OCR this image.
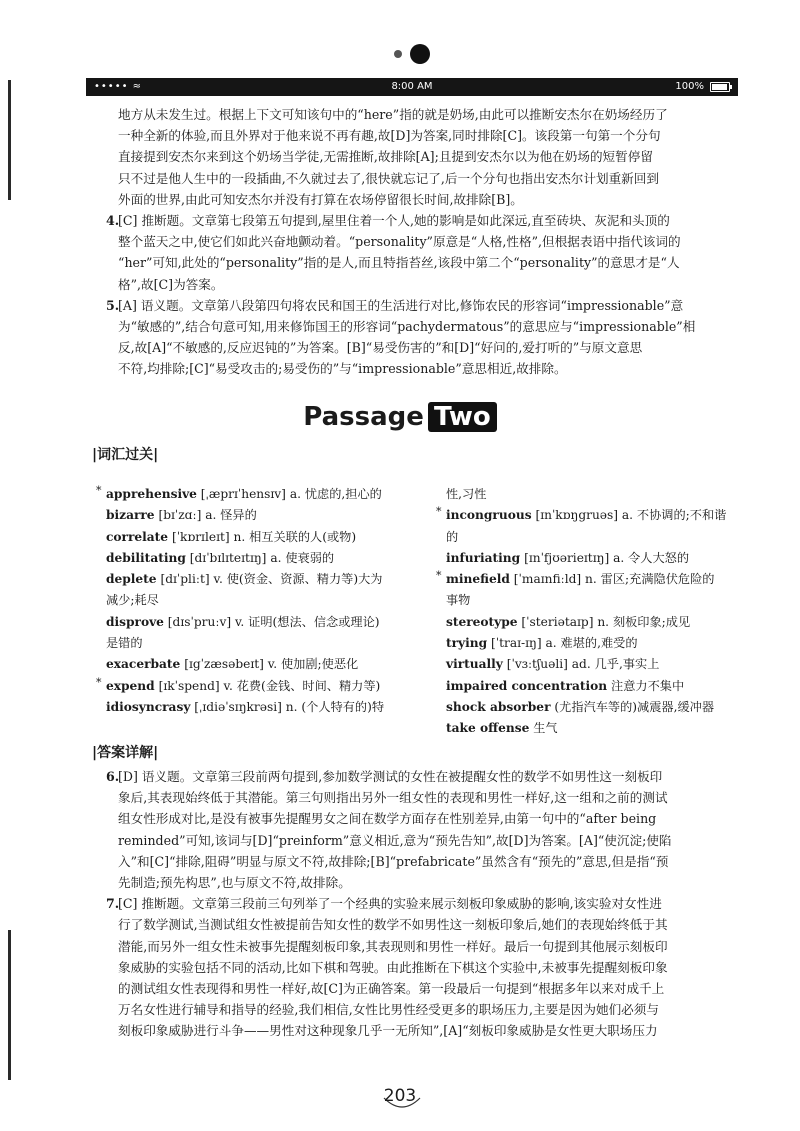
••••• ≈	8:00 AM	100%
地方从未发生过。根据上下文可知该句中的“here”指的就是奶场,由此可以推断安杰尔在奶场经历了
一种全新的体验,而且外界对于他来说不再有趣,故[D]为答案,同时排除[C]。该段第一句第一个分句
直接提到安杰尔来到这个奶场当学徒,无需推断,故排除[A];且提到安杰尔以为他在奶场的短暂停留
只不过是他人生中的一段插曲,不久就过去了,很快就忘记了,后一个分句也指出安杰尔计划重新回到
外面的世界,由此可知安杰尔并没有打算在农场停留很长时间,故排除[B]。
4.
[C] 推断题。文章第七段第五句提到,屋里住着一个人,她的影响是如此深远,直至砖块、灰泥和头顶的
整个蓝天之中,使它们如此兴奋地颤动着。“personality”原意是“人格,性格”,但根据表语中指代该词的
“her”可知,此处的“personality”指的是人,而且特指苔丝,该段中第二个“personality”的意思才是“人
格”,故[C]为答案。
5.
[A] 语义题。文章第八段第四句将农民和国王的生活进行对比,修饰农民的形容词“impressionable”意
为“敏感的”,结合句意可知,用来修饰国王的形容词“pachydermatous”的意思应与“impressionable”相
反,故[A]“不敏感的,反应迟钝的”为答案。[B]“易受伤害的”和[D]“好问的,爱打听的”与原文意思
不符,均排除;[C]“易受攻击的;易受伤的”与“impressionable”意思相近,故排除。
Passage Two
|词汇过关|
* apprehensive [ˌæprɪˈhensɪv] a. 忧虑的,担心的
bizarre [bɪˈzɑː] a. 怪异的
correlate [ˈkɒrɪleɪt] n. 相互关联的人(或物)
debilitating [dɪˈbɪlɪteɪtɪŋ] a. 使衰弱的
deplete [dɪˈpliːt] v. 使(资金、资源、精力等)大为
减少;耗尽
disprove [dɪsˈpruːv] v. 证明(想法、信念或理论)
是错的
exacerbate [ɪgˈzæsəbeɪt] v. 使加剧;使恶化
* expend [ɪkˈspend] v. 花费(金钱、时间、精力等)
idiosyncrasy [ˌɪdiəˈsɪŋkrəsi] n. (个人特有的)特
性,习性
* incongruous [ɪnˈkɒŋgruəs] a. 不协调的;不和谐的
infuriating [ɪnˈfjʊərieɪtɪŋ] a. 令人大怒的
* minefield [ˈmaɪnfiːld] n. 雷区;充满隐伏危险的
事物
stereotype [ˈsteriətaɪp] n. 刻板印象;成见
trying [ˈtraɪ-ɪŋ] a. 难堪的,难受的
virtually [ˈvɜːtʃuəli] ad. 几乎,事实上
impaired concentration 注意力不集中
shock absorber (尤指汽车等的)减震器,缓冲器
take offense 生气
|答案详解|
6.
[D] 语义题。文章第三段前两句提到,参加数学测试的女性在被提醒女性的数学不如男性这一刻板印
象后,其表现始终低于其潜能。第三句则指出另外一组女性的表现和男性一样好,这一组和之前的测试
组女性形成对比,是没有被事先提醒男女之间在数学方面存在性别差异,由第一句中的“after being
reminded”可知,该词与[D]“preinform”意义相近,意为“预先告知”,故[D]为答案。[A]“使沉淀;使陷
入”和[C]“排除,阻碍”明显与原文不符,故排除;[B]“prefabricate”虽然含有“预先的”意思,但是指“预
先制造;预先构思”,也与原文不符,故排除。
7.
[C] 推断题。文章第三段前三句列举了一个经典的实验来展示刻板印象威胁的影响,该实验对女性进
行了数学测试,当测试组女性被提前告知女性的数学不如男性这一刻板印象后,她们的表现始终低于其
潜能,而另外一组女性未被事先提醒刻板印象,其表现则和男性一样好。最后一句提到其他展示刻板印
象威胁的实验包括不同的活动,比如下棋和驾驶。由此推断在下棋这个实验中,未被事先提醒刻板印象
的测试组女性表现得和男性一样好,故[C]为正确答案。第一段最后一句提到“根据多年以来对成千上
万名女性进行辅导和指导的经验,我们相信,女性比男性经受更多的职场压力,主要是因为她们必须与
刻板印象威胁进行斗争——男性对这种现象几乎一无所知”,[A]“刻板印象威胁是女性更大职场压力
203
